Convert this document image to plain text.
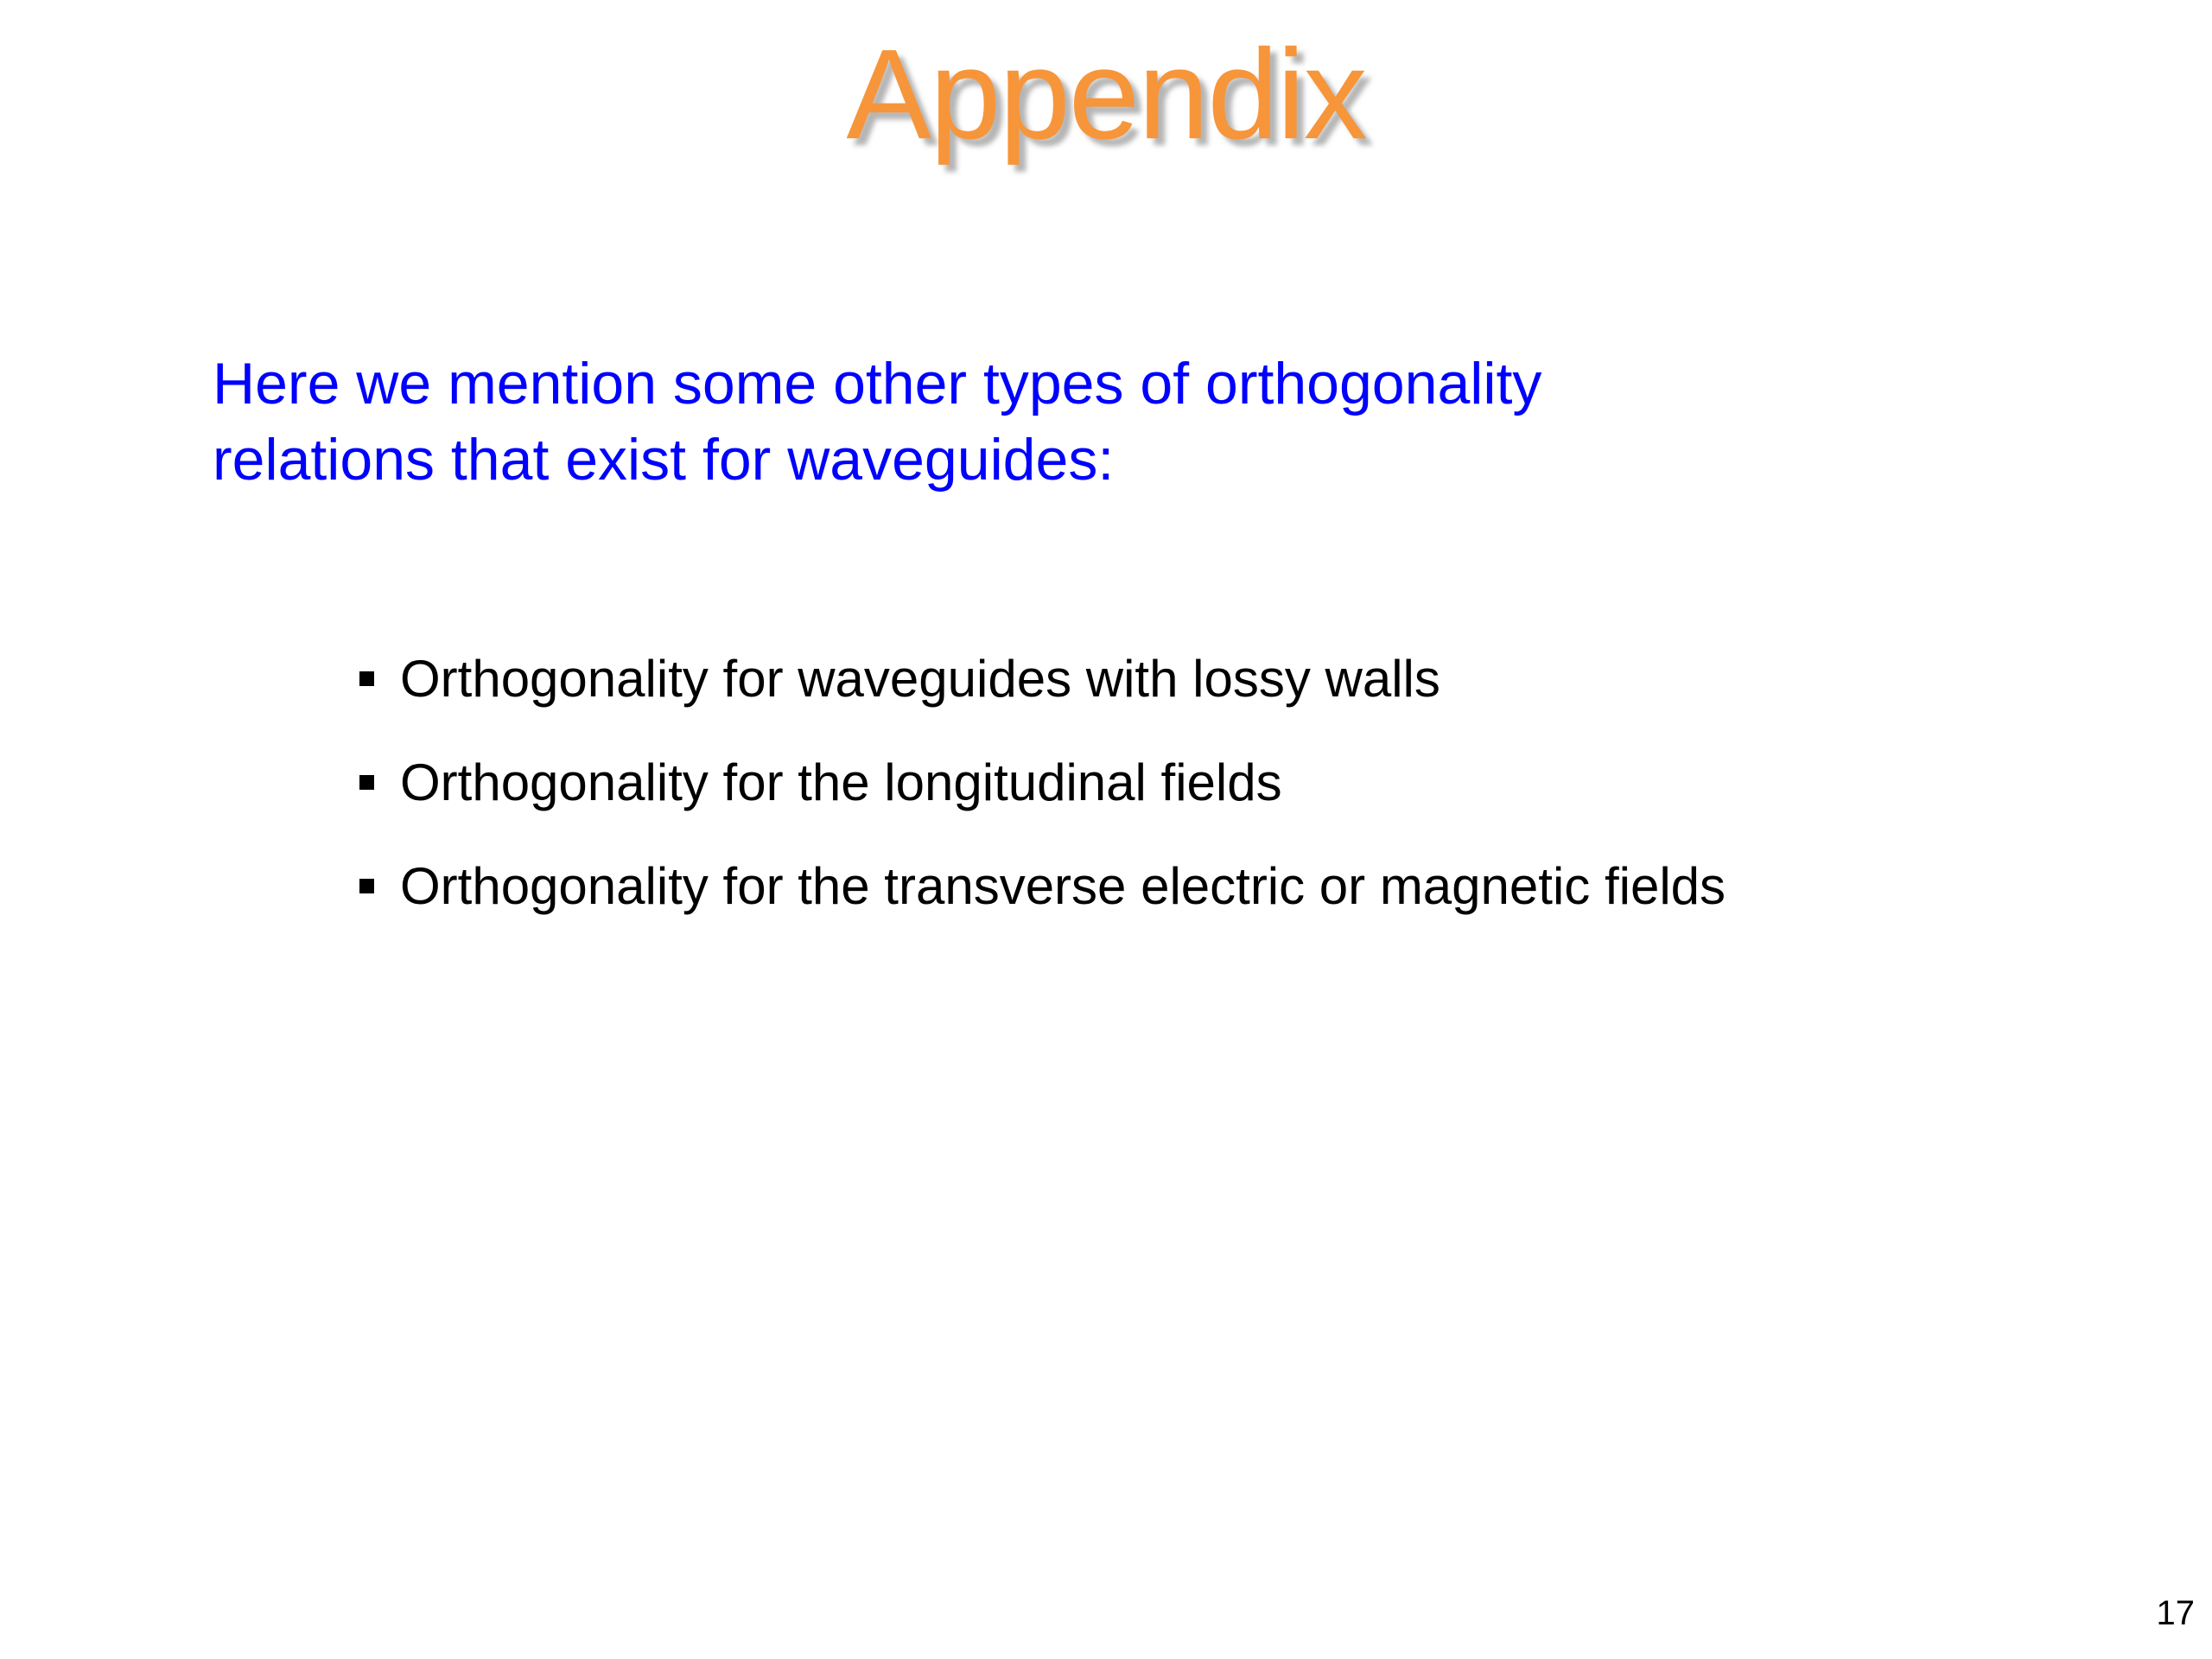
Appendix
Here we mention some other types of orthogonality
relations that exist for waveguides:
Orthogonality for waveguides with lossy walls
Orthogonality for the longitudinal fields
Orthogonality for the transverse electric or magnetic fields
17
